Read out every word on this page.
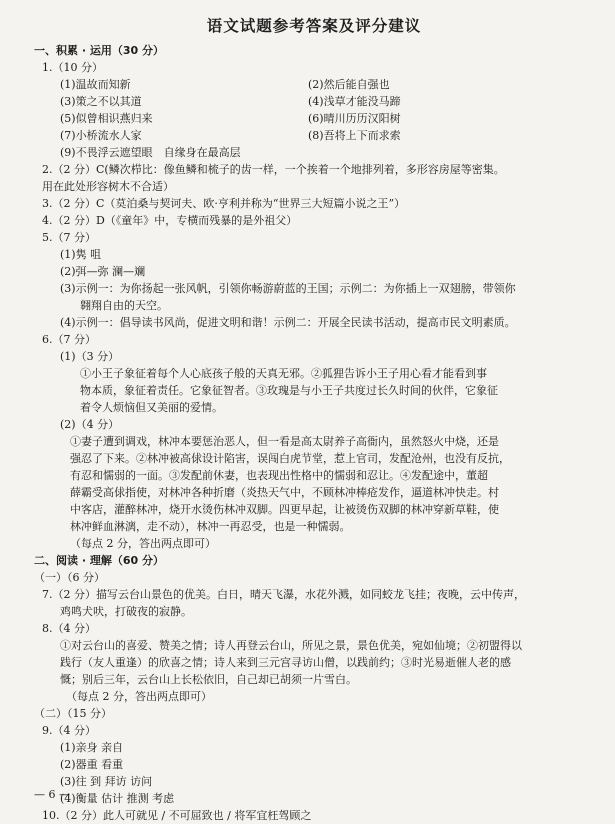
语文试题参考答案及评分建议
一、积累 · 运用（30 分）
1.（10 分）
(1)温故而知新	(2)然后能自强也
(3)策之不以其道	(4)浅草才能没马蹄
(5)似曾相识燕归来	(6)晴川历历汉阳树
(7)小桥流水人家	(8)吾将上下而求索
(9)不畏浮云遮望眼　自缘身在最高层
2.（2 分）C(鳞次栉比：像鱼鳞和梳子的齿一样，一个挨着一个地排列着，多形容房屋等密集。
用在此处形容树木不合适）
3.（2 分）C（莫泊桑与契诃夫、欧·亨利并称为“世界三大短篇小说之王”）
4.（2 分）D（《童年》中，专横而残暴的是外祖父）
5.（7 分）
(1)隽 咀
(2)弭—弥 澜—斓
(3)示例一：为你扬起一张风帆，引领你畅游蔚蓝的王国；示例二：为你插上一双翅膀，带领你
翱翔自由的天空。
(4)示例一：倡导读书风尚，促进文明和谐！示例二：开展全民读书活动，提高市民文明素质。
6.（7 分）
(1)（3 分）
①小王子象征着每个人心底孩子般的天真无邪。②狐狸告诉小王子用心看才能看到事
物本质，象征着责任。它象征智者。③玫瑰是与小王子共度过长久时间的伙伴，它象征
着令人烦恼但又美丽的爱情。
(2)（4 分）
①妻子遭到调戏，林冲本要惩治恶人，但一看是高太尉养子高衙内，虽然怒火中烧，还是
强忍了下来。②林冲被高俅设计陷害，误闯白虎节堂，惹上官司，发配沧州，也没有反抗，
有忍和懦弱的一面。③发配前休妻，也表现出性格中的懦弱和忍让。④发配途中，董超
薛霸受高俅指使，对林冲各种折磨（炎热天气中，不顾林冲棒疮发作，逼道林冲快走。村
中客店，灌醉林冲，烧开水烫伤林冲双脚。四更早起，让被烫伤双脚的林冲穿新草鞋，使
林冲鲜血淋漓，走不动），林冲一再忍受，也是一种懦弱。
（每点 2 分，答出两点即可）
二、阅读 · 理解（60 分）
（一）（6 分）
7.（2 分）描写云台山景色的优美。白日，晴天飞瀑，水花外溅，如同蛟龙飞挂；夜晚，云中传声，
鸡鸣犬吠，打破夜的寂静。
8.（4 分）
①对云台山的喜爱、赞美之情；诗人再登云台山，所见之景，景色优美，宛如仙境；②初盟得以
践行（友人重逢）的欣喜之情；诗人来到三元宫寻访山僧，以践前约；③时光易逝催人老的感
慨；别后三年，云台山上长松依旧，自己却已胡须一片雪白。
（每点 2 分，答出两点即可）
（二）（15 分）
9.（4 分）
(1)亲身 亲自
(2)器重 看重
(3)往 到 拜访 访问
(4)衡量 估计 推测 考虑
10.（2 分）此人可就见 / 不可屈致也 / 将军宜枉驾顾之
— 6 —
